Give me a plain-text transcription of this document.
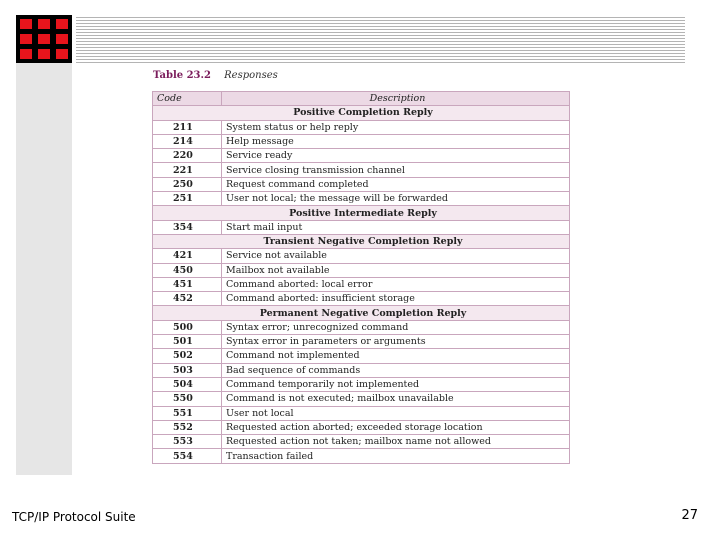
Table 23.2 Responses
Code	Description
Positive Completion Reply	
211	System status or help reply
214	Help message
220	Service ready
221	Service closing transmission channel
250	Request command completed
251	User not local; the message will be forwarded
Positive Intermediate Reply	
354	Start mail input
Transient Negative Completion Reply	
421	Service not available
450	Mailbox not available
451	Command aborted: local error
452	Command aborted: insufficient storage
Permanent Negative Completion Reply	
500	Syntax error; unrecognized command
501	Syntax error in parameters or arguments
502	Command not implemented
503	Bad sequence of commands
504	Command temporarily not implemented
550	Command is not executed; mailbox unavailable
551	User not local
552	Requested action aborted; exceeded storage location
553	Requested action not taken; mailbox name not allowed
554	Transaction failed
TCP/IP Protocol Suite	27
